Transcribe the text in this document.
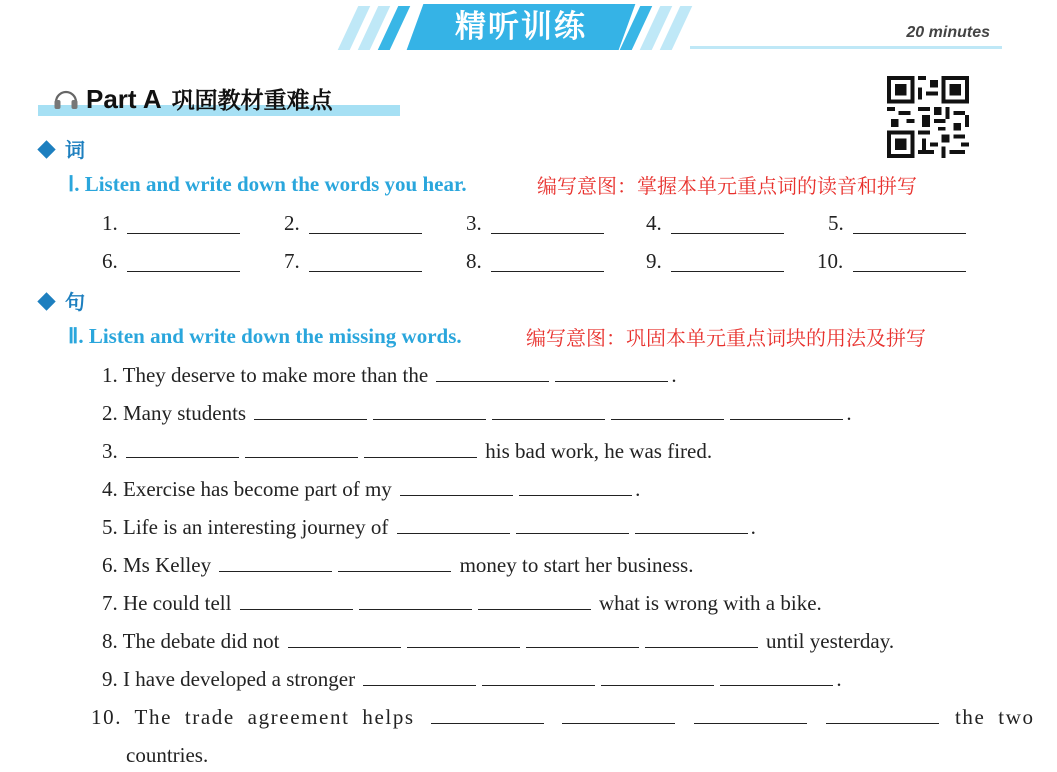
精听训练	20 minutes
Part A 巩固教材重难点
词
Ⅰ. Listen and write down the words you hear.	编写意图：掌握本单元重点词的读音和拼写
1.	2.	3.	4.	5.
6.	7.	8.	9.	10.
句
Ⅱ. Listen and write down the missing words.	编写意图：巩固本单元重点词块的用法及拼写
1. They deserve to make more than the	.
2. Many students	.
3.	his bad work, he was fired.
4. Exercise has become part of my	.
5. Life is an interesting journey of	.
6. Ms Kelley	money to start her business.
7. He could tell	what is wrong with a bike.
8. The debate did not	until yesterday.
9. I have developed a stronger	.
10. The trade agreement helps	the two
countries.
